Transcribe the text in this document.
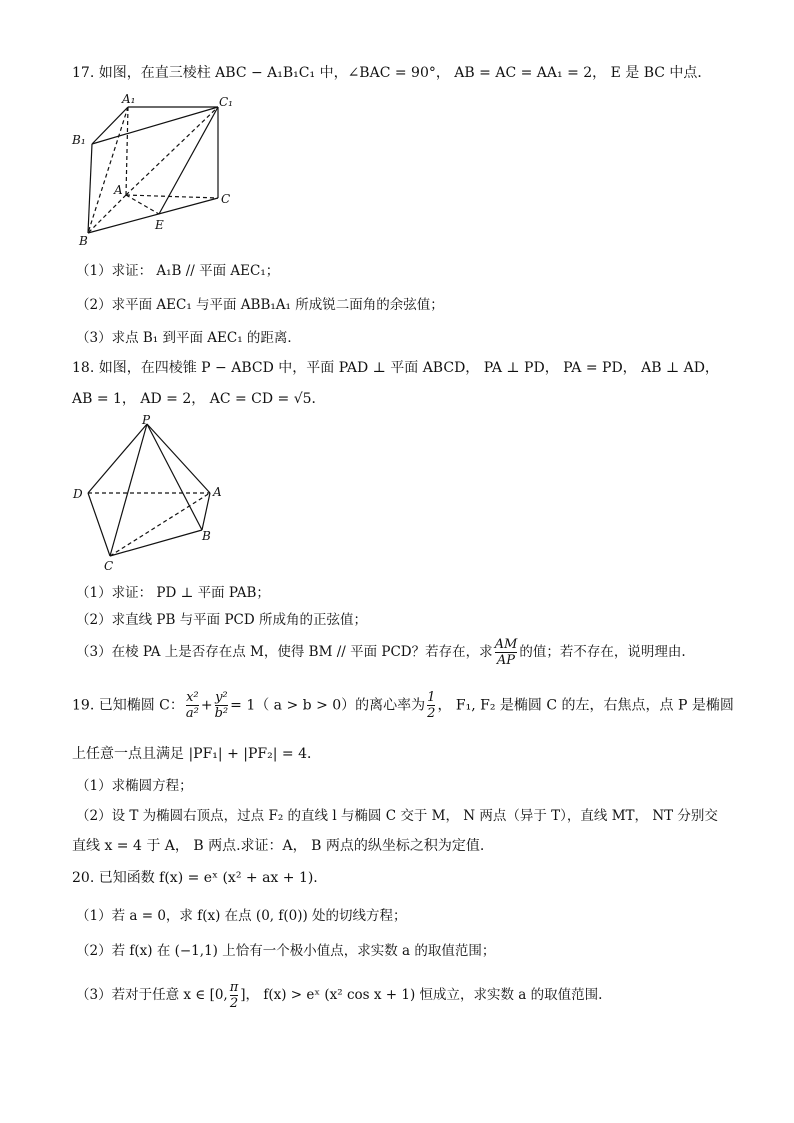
17. 如图，在直三棱柱 ABC − A₁B₁C₁ 中，∠BAC = 90°， AB = AC = AA₁ = 2， E 是 BC 中点．
A₁	C₁
B₁
A
C
E
B
（1）求证： A₁B // 平面 AEC₁；
（2）求平面 AEC₁ 与平面 ABB₁A₁ 所成锐二面角的余弦值；
（3）求点 B₁ 到平面 AEC₁ 的距离．
18. 如图，在四棱锥 P − ABCD 中，平面 PAD ⊥ 平面 ABCD， PA ⊥ PD， PA = PD， AB ⊥ AD，
AB = 1， AD = 2， AC = CD = √5．
P
D	A
B
C
（1）求证： PD ⊥ 平面 PAB；
（2）求直线 PB 与平面 PCD 所成角的正弦值；
（3）在棱 PA 上是否存在点 M，使得 BM // 平面 PCD？若存在，求 $\frac{AM}{AP}$ 的值；若不存在，说明理由.
19. 已知椭圆 C： $\frac{\text{x²}}{\text{a²}} + \frac{\text{y²}}{\text{b²}} = 1$（ a > b > 0）的离心率为 $\frac{1}{2}$ ， F₁, F₂ 是椭圆 C 的左，右焦点，点 P 是椭圆
上任意一点且满足 |PF₁| + |PF₂| = 4．
（1）求椭圆方程；
（2）设 T 为椭圆右顶点，过点 F₂ 的直线 l 与椭圆 C 交于 M， N 两点（异于 T），直线 MT， NT 分别交
直线 x = 4 于 A， B 两点.求证：A， B 两点的纵坐标之积为定值.
20. 已知函数 f(x) = eˣ (x² + ax + 1).
（1）若 a = 0，求 f(x) 在点 (0, f(0)) 处的切线方程；
（2）若 f(x) 在 (−1,1) 上恰有一个极小值点，求实数 a 的取值范围；
（3）若对于任意 x ∈ [0, $\frac{\pi}{2}$ ]， f(x) > eˣ (x² cos x + 1) 恒成立，求实数 a 的取值范围.
